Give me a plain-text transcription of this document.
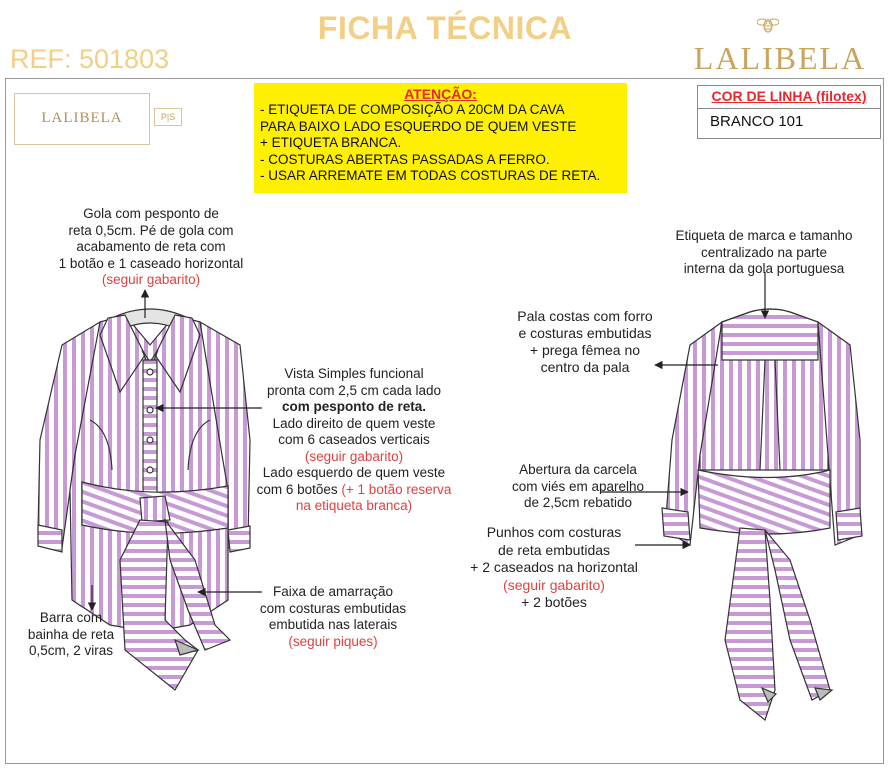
FICHA TÉCNICA
REF: 501803	LALIBELA
LALIBELA	P|S
ATENÇÃO:
- ETIQUETA DE COMPOSIÇÃO A 20CM DA CAVA
PARA BAIXO LADO ESQUERDO DE QUEM VESTE
+ ETIQUETA BRANCA.
- COSTURAS ABERTAS PASSADAS A FERRO.
- USAR ARREMATE EM TODAS COSTURAS DE RETA.
COR DE LINHA (filotex)
BRANCO 101
Gola com pesponto de
reta 0,5cm. Pé de gola com
acabamento de reta com
1 botão e 1 caseado horizontal
(seguir gabarito)
Vista Simples funcional
pronta com 2,5 cm cada lado
com pesponto de reta.
Lado direito de quem veste
com 6 caseados verticais
(seguir gabarito)
Lado esquerdo de quem veste
com 6 botões (+ 1 botão reserva
na etiqueta branca)
Barra com
bainha de reta
0,5cm, 2 viras
Faixa de amarração
com costuras embutidas
embutida nas laterais
(seguir piques)
Etiqueta de marca e tamanho
centralizado na parte
interna da gola portuguesa
Pala costas com forro
e costuras embutidas
+ prega fêmea no
centro da pala
Abertura da carcela
com viés em aparelho
de 2,5cm rebatido
Punhos com costuras
de reta embutidas
+ 2 caseados na horizontal
(seguir gabarito)
+ 2 botões
